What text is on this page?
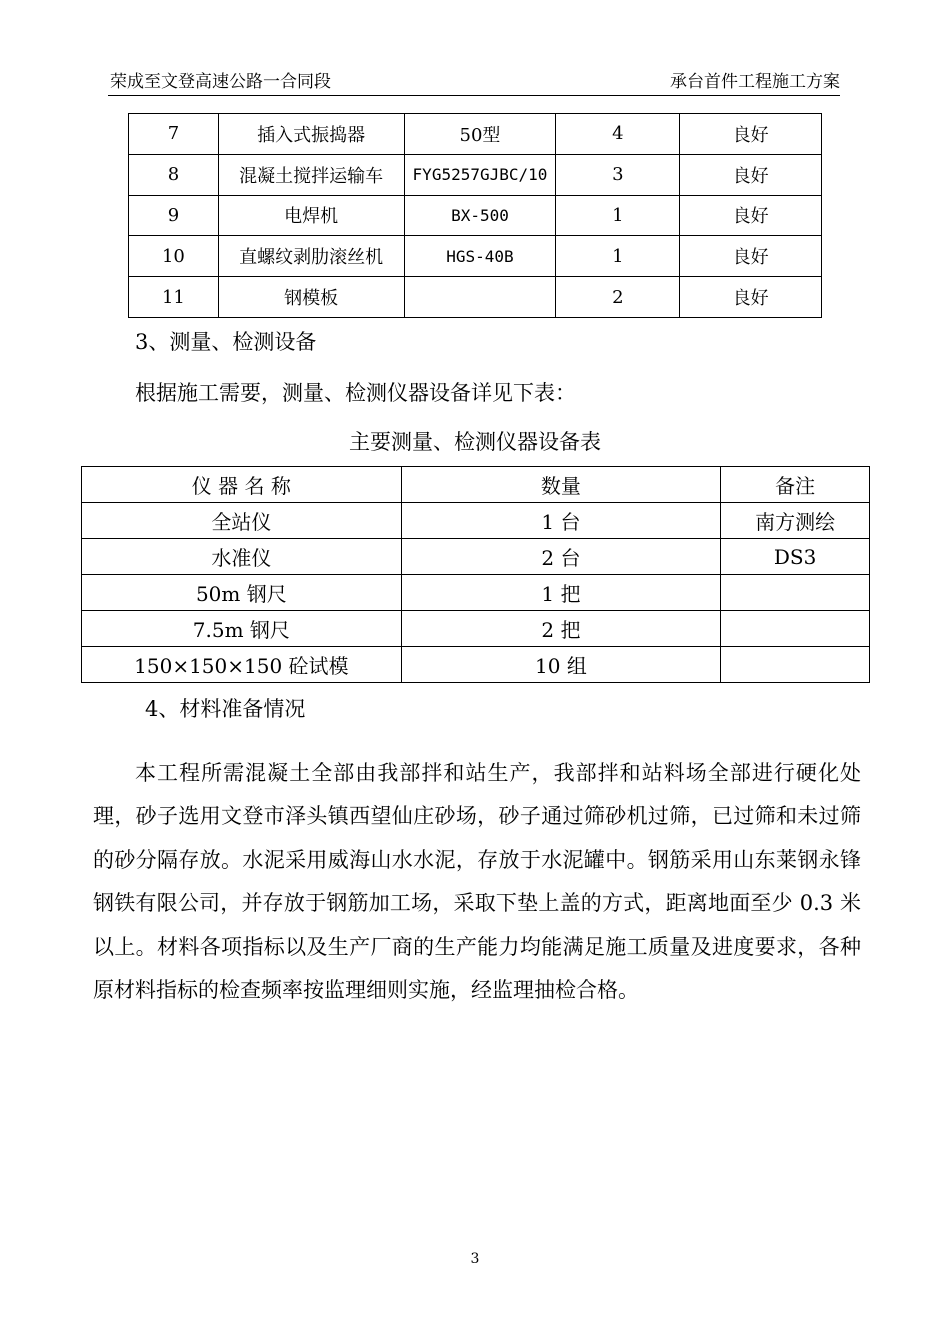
荣成至文登高速公路一合同段	承台首件工程施工方案
7	插入式振捣器	50型	4	良好
8	混凝土搅拌运输车	FYG5257GJBC/10	3	良好
9	电焊机	BX-500	1	良好
10	直螺纹剥肋滚丝机	HGS-40B	1	良好
11	钢模板		2	良好
3、测量、检测设备
根据施工需要，测量、检测仪器设备详见下表：
主要测量、检测仪器设备表
仪 器 名 称	数量	备注
全站仪	1 台	南方测绘
水准仪	2 台	DS3
50m 钢尺	1 把	
7.5m 钢尺	2 把	
150×150×150 砼试模	10 组	
4、材料准备情况
本工程所需混凝土全部由我部拌和站生产，我部拌和站料场全部进行硬化处理，砂子选用文登市泽头镇西望仙庄砂场，砂子通过筛砂机过筛，已过筛和未过筛的砂分隔存放。水泥采用威海山水水泥，存放于水泥罐中。钢筋采用山东莱钢永锋钢铁有限公司，并存放于钢筋加工场，采取下垫上盖的方式，距离地面至少 0.3 米以上。材料各项指标以及生产厂商的生产能力均能满足施工质量及进度要求，各种原材料指标的检查频率按监理细则实施，经监理抽检合格。
3
